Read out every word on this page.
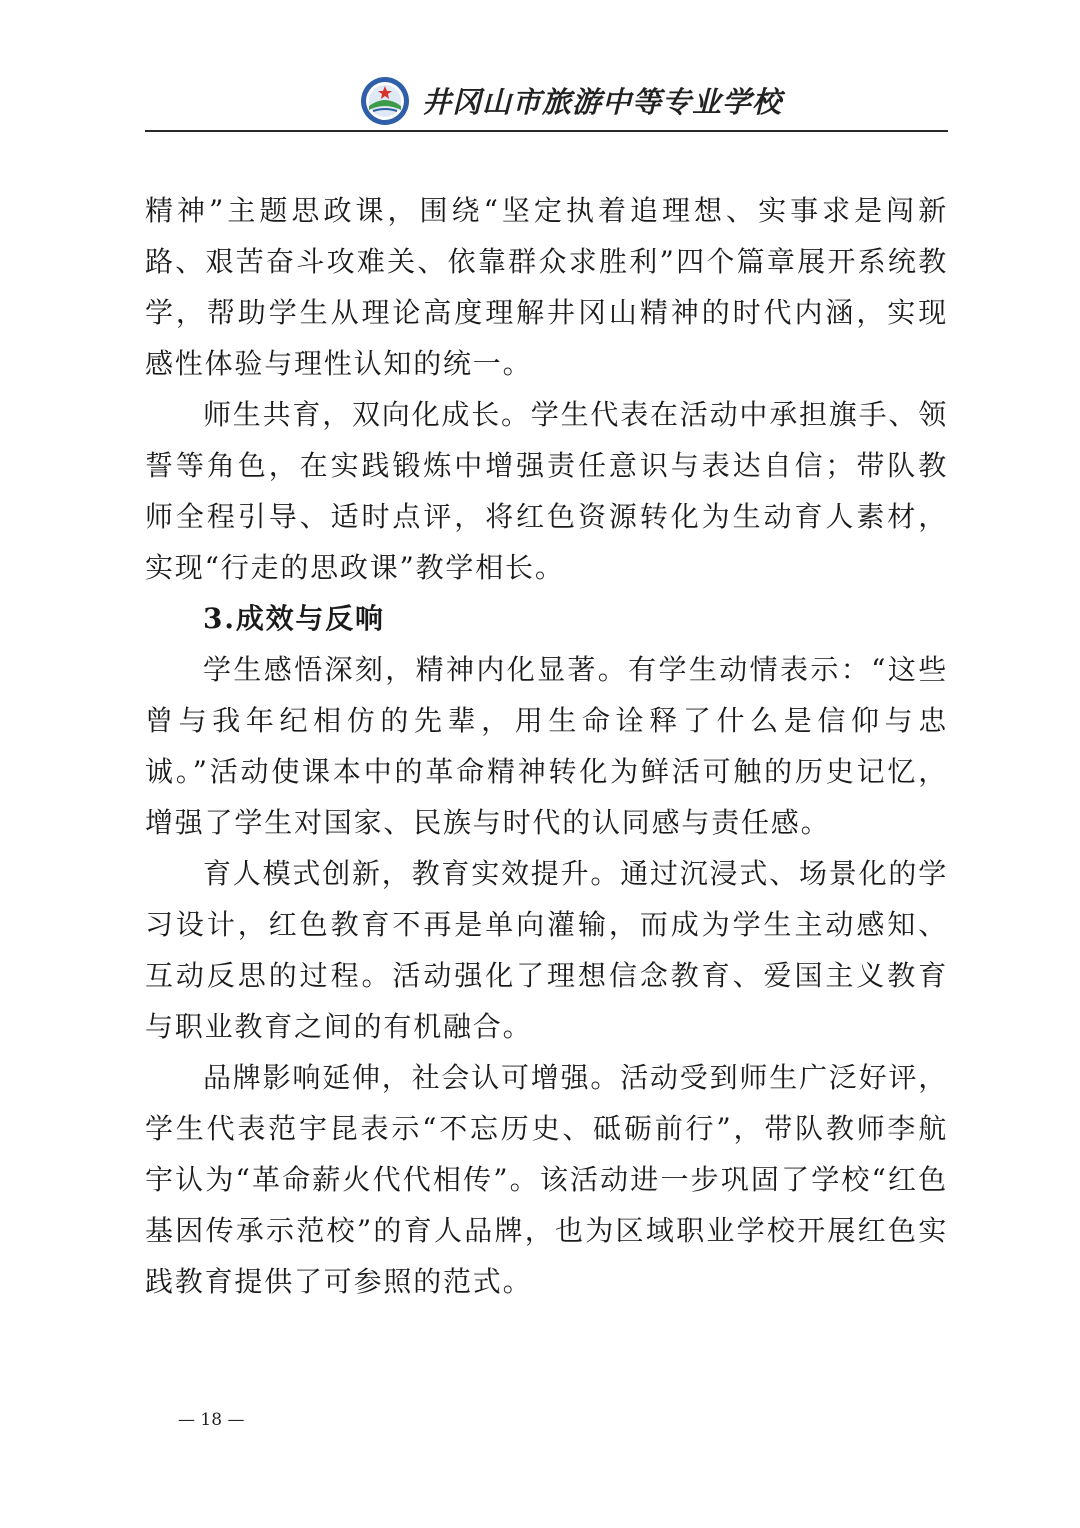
井冈山市旅游中等专业学校

精神”主题思政课，围绕“坚定执着追理想、实事求是闯新路、艰苦奋斗攻难关、依靠群众求胜利”四个篇章展开系统教学，帮助学生从理论高度理解井冈山精神的时代内涵，实现感性体验与理性认知的统一。

师生共育，双向化成长。学生代表在活动中承担旗手、领誓等角色，在实践锻炼中增强责任意识与表达自信；带队教师全程引导、适时点评，将红色资源转化为生动育人素材，实现“行走的思政课”教学相长。

3.成效与反响

学生感悟深刻，精神内化显著。有学生动情表示：“这些曾与我年纪相仿的先辈，用生命诠释了什么是信仰与忠诚。”活动使课本中的革命精神转化为鲜活可触的历史记忆，增强了学生对国家、民族与时代的认同感与责任感。

育人模式创新，教育实效提升。通过沉浸式、场景化的学习设计，红色教育不再是单向灌输，而成为学生主动感知、互动反思的过程。活动强化了理想信念教育、爱国主义教育与职业教育之间的有机融合。

品牌影响延伸，社会认可增强。活动受到师生广泛好评，学生代表范宇昆表示“不忘历史、砥砺前行”，带队教师李航宇认为“革命薪火代代相传”。该活动进一步巩固了学校“红色基因传承示范校”的育人品牌，也为区域职业学校开展红色实践教育提供了可参照的范式。

— 18 —
